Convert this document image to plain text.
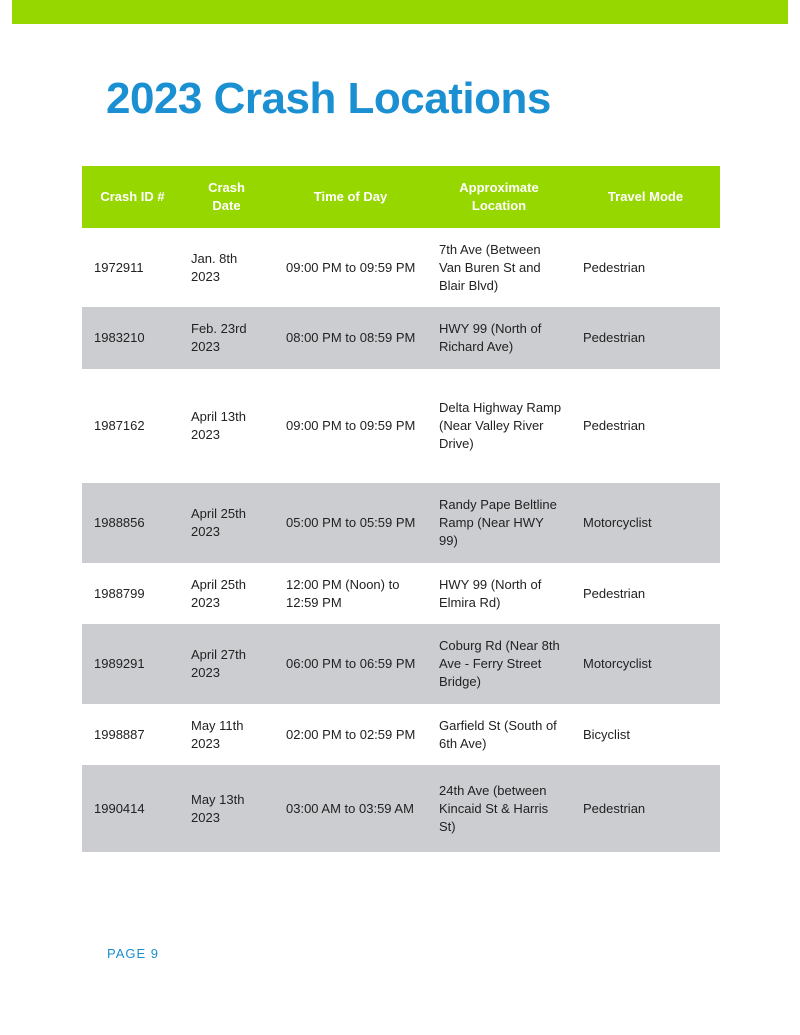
2023 Crash Locations
Crash ID #	Crash Date	Time of Day	Approximate Location	Travel Mode
1972911	Jan. 8th 2023	09:00 PM to 09:59 PM	7th Ave (Between Van Buren St and Blair Blvd)	Pedestrian
1983210	Feb. 23rd 2023	08:00 PM to 08:59 PM	HWY 99 (North of Richard Ave)	Pedestrian
1987162	April 13th 2023	09:00 PM to 09:59 PM	Delta Highway Ramp (Near Valley River Drive)	Pedestrian
1988856	April 25th 2023	05:00 PM to 05:59 PM	Randy Pape Beltline Ramp (Near HWY 99)	Motorcyclist
1988799	April 25th 2023	12:00 PM (Noon) to 12:59 PM	HWY 99 (North of Elmira Rd)	Pedestrian
1989291	April 27th 2023	06:00 PM to 06:59 PM	Coburg Rd (Near 8th Ave - Ferry Street Bridge)	Motorcyclist
1998887	May 11th 2023	02:00 PM to 02:59 PM	Garfield St (South of 6th Ave)	Bicyclist
1990414	May 13th 2023	03:00 AM to 03:59 AM	24th Ave (between Kincaid St & Harris St)	Pedestrian
PAGE 9
